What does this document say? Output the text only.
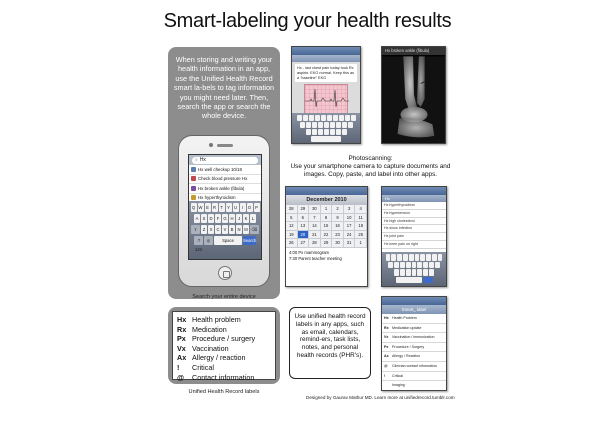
Smart-labeling your health results
When storing and writing your health information in an app, use the Unified Health Record smart la-bels to tag information you might need later. Then, search the app or search the whole device.
⌕ Hx
Hx well checkup 10/18
Check blood pressure Hx
Hx broken ankle (fibula)
Hx hyperthyroidism
Q W E R	T	Y U	I	O P
A	S D	F G H	J	K	L
⇧	Z	X C V	B N M ⌫
.?123
◎	Space	Search
Search your entire device
Hx Health problem
Rx Medication
Px Procedure / surgery
Vx Vaccination
Ax Allergy / reaction
!	Critical
@	Contact information
Unified Health Record labels
Hx - last chest pain today took Rx aspirin. EKG normal. Keep this as a "baseline" EKG
Hx broken ankle (fibula)
Photoscanning:
Use your smartphone camera to capture documents and images. Copy, paste, and label into other apps.
December 2010
28	29	30	1	2	3	4
5	6	7	8	9	10	11
12	13	14	15	16	17	18
19	20	21	22	23	24	25
26	27	28	29	30	31	1
4:00 Px mammogram
7:30 Parent teacher meeting
Hx
Hx hyperthyroidism
Hx hypertension
Hx high cholesterol
Hx sinus infection
Hx joint pain
Hx knee pain on right
Smart_ label
Hx Health Problem
Rx Medication update
Vx Vaccination / immunization
Px Procedure / Surgery
Ax Allergy / Reaction
@	Clinician contact information
!	Critical
Imaging
Use unified health record labels in any apps, such as email, calendars, remind-ers, task lists, notes, and personal health records (PHR's).
Designed by Gaurav Mathur MD. Learn more at unifiedrecord.tumblr.com
